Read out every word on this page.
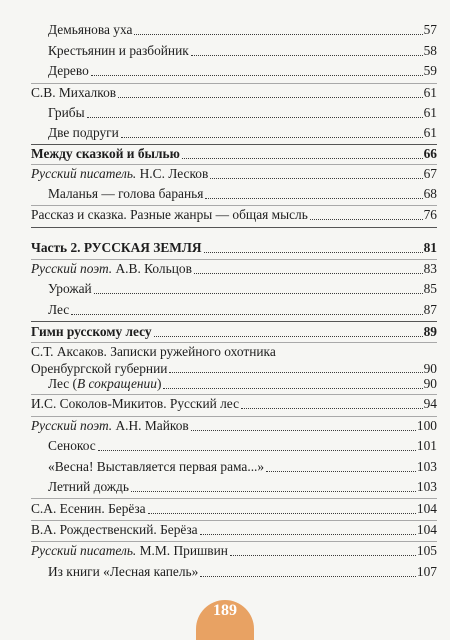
Демьянова уха	57
Крестьянин и разбойник	58
Дерево	59
С.В. Михалков	61
Грибы	61
Две подруги	61
Между сказкой и былью	66
Русский писатель. Н.С. Лесков	67
Маланья — голова баранья	68
Рассказ и сказка. Разные жанры — общая мысль	76
Часть 2. РУССКАЯ ЗЕМЛЯ	81
Русский поэт. А.В. Кольцов	83
Урожай	85
Лес	87
Гимн русскому лесу	89
С.Т. Аксаков. Записки ружейного охотника
Оренбургской губернии	90
Лес (В сокращении)	90
И.С. Соколов-Микитов. Русский лес	94
Русский поэт. А.Н. Майков	100
Сенокос	101
«Весна! Выставляется первая рама...»	103
Летний дождь	103
С.А. Есенин. Берёза	104
В.А. Рождественский. Берёза	104
Русский писатель. М.М. Пришвин	105
Из книги «Лесная капель»	107
189
